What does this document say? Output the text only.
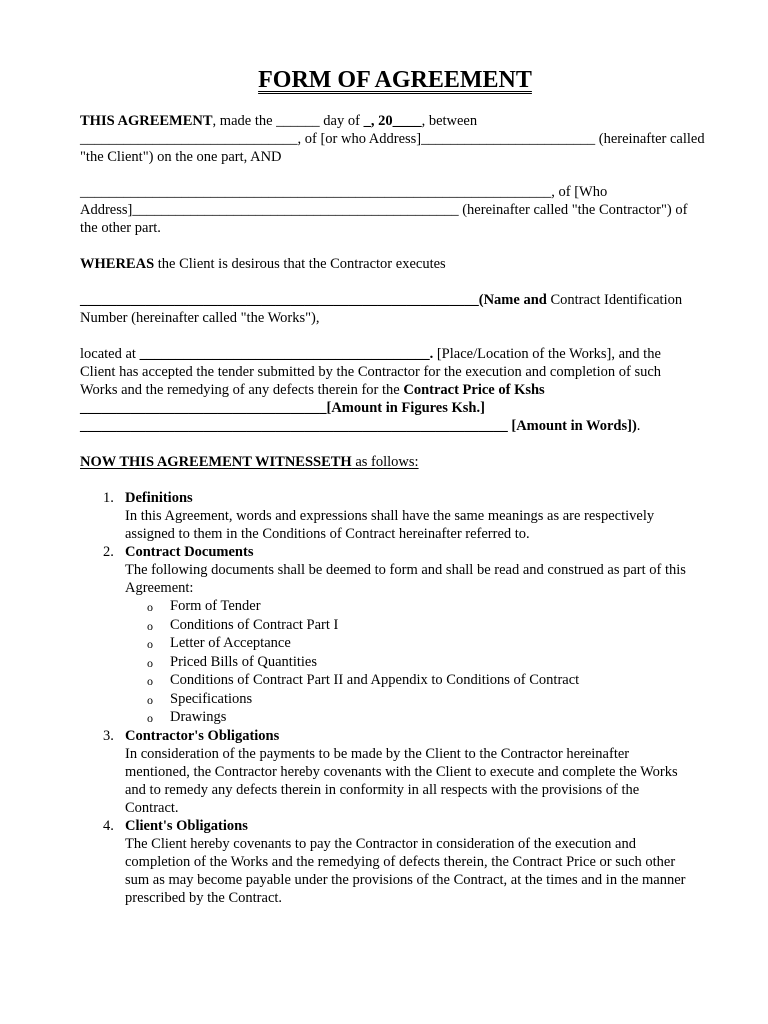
FORM OF AGREEMENT
THIS AGREEMENT, made the ______ day of _, 20____, between
______________________________, of [or who Address]________________________ (hereinafter called
"the Client") on the one part, AND
_________________________________________________________________, of [Who
Address]_____________________________________________ (hereinafter called "the Contractor") of
the other part.
WHEREAS the Client is desirous that the Contractor executes
_______________________________________________________(Name and Contract Identification
Number (hereinafter called "the Works"),
located at ________________________________________. [Place/Location of the Works], and the
Client has accepted the tender submitted by the Contractor for the execution and completion of such
Works and the remedying of any defects therein for the Contract Price of Kshs
__________________________________[Amount in Figures Ksh.]
___________________________________________________________ [Amount in Words]).
NOW THIS AGREEMENT WITNESSETH as follows:
1. Definitions
In this Agreement, words and expressions shall have the same meanings as are respectively
assigned to them in the Conditions of Contract hereinafter referred to.
2. Contract Documents
The following documents shall be deemed to form and shall be read and construed as part of this
Agreement:
o Form of Tender
o Conditions of Contract Part I
o Letter of Acceptance
o Priced Bills of Quantities
o Conditions of Contract Part II and Appendix to Conditions of Contract
o Specifications
o Drawings
3. Contractor's Obligations
In consideration of the payments to be made by the Client to the Contractor hereinafter
mentioned, the Contractor hereby covenants with the Client to execute and complete the Works
and to remedy any defects therein in conformity in all respects with the provisions of the
Contract.
4. Client's Obligations
The Client hereby covenants to pay the Contractor in consideration of the execution and
completion of the Works and the remedying of defects therein, the Contract Price or such other
sum as may become payable under the provisions of the Contract, at the times and in the manner
prescribed by the Contract.
